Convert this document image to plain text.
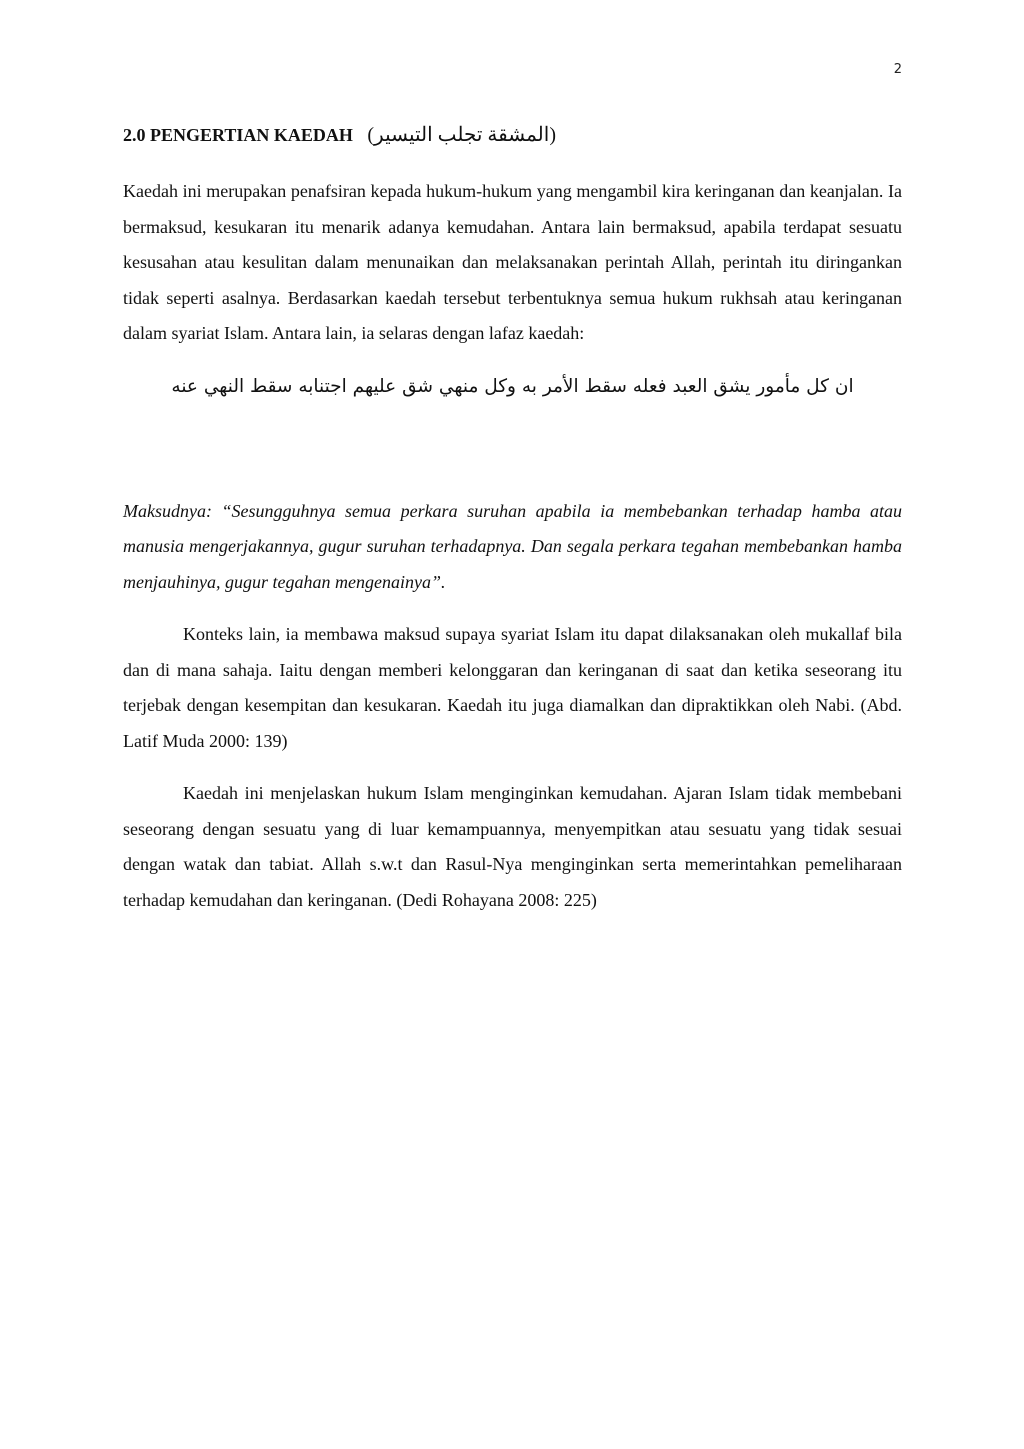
2
2.0 PENGERTIAN KAEDAH (المشقة تجلب التيسير)

Kaedah ini merupakan penafsiran kepada hukum-hukum yang mengambil kira keringanan dan keanjalan. Ia bermaksud, kesukaran itu menarik adanya kemudahan. Antara lain bermaksud, apabila terdapat sesuatu kesusahan atau kesulitan dalam menunaikan dan melaksanakan perintah Allah, perintah itu diringankan tidak seperti asalnya. Berdasarkan kaedah tersebut terbentuknya semua hukum rukhsah atau keringanan dalam syariat Islam. Antara lain, ia selaras dengan lafaz kaedah:

ان كل مأمور يشق العبد فعله سقط الأمر به وكل منهي شق عليهم اجتنابه سقط النهي عنه

Maksudnya: “Sesungguhnya semua perkara suruhan apabila ia membebankan terhadap hamba atau manusia mengerjakannya, gugur suruhan terhadapnya. Dan segala perkara tegahan membebankan hamba menjauhinya, gugur tegahan mengenainya”.

Konteks lain, ia membawa maksud supaya syariat Islam itu dapat dilaksanakan oleh mukallaf bila dan di mana sahaja. Iaitu dengan memberi kelonggaran dan keringanan di saat dan ketika seseorang itu terjebak dengan kesempitan dan kesukaran. Kaedah itu juga diamalkan dan dipraktikkan oleh Nabi. (Abd. Latif Muda 2000: 139)

Kaedah ini menjelaskan hukum Islam menginginkan kemudahan. Ajaran Islam tidak membebani seseorang dengan sesuatu yang di luar kemampuannya, menyempitkan atau sesuatu yang tidak sesuai dengan watak dan tabiat. Allah s.w.t dan Rasul-Nya menginginkan serta memerintahkan pemeliharaan terhadap kemudahan dan keringanan. (Dedi Rohayana 2008: 225)
